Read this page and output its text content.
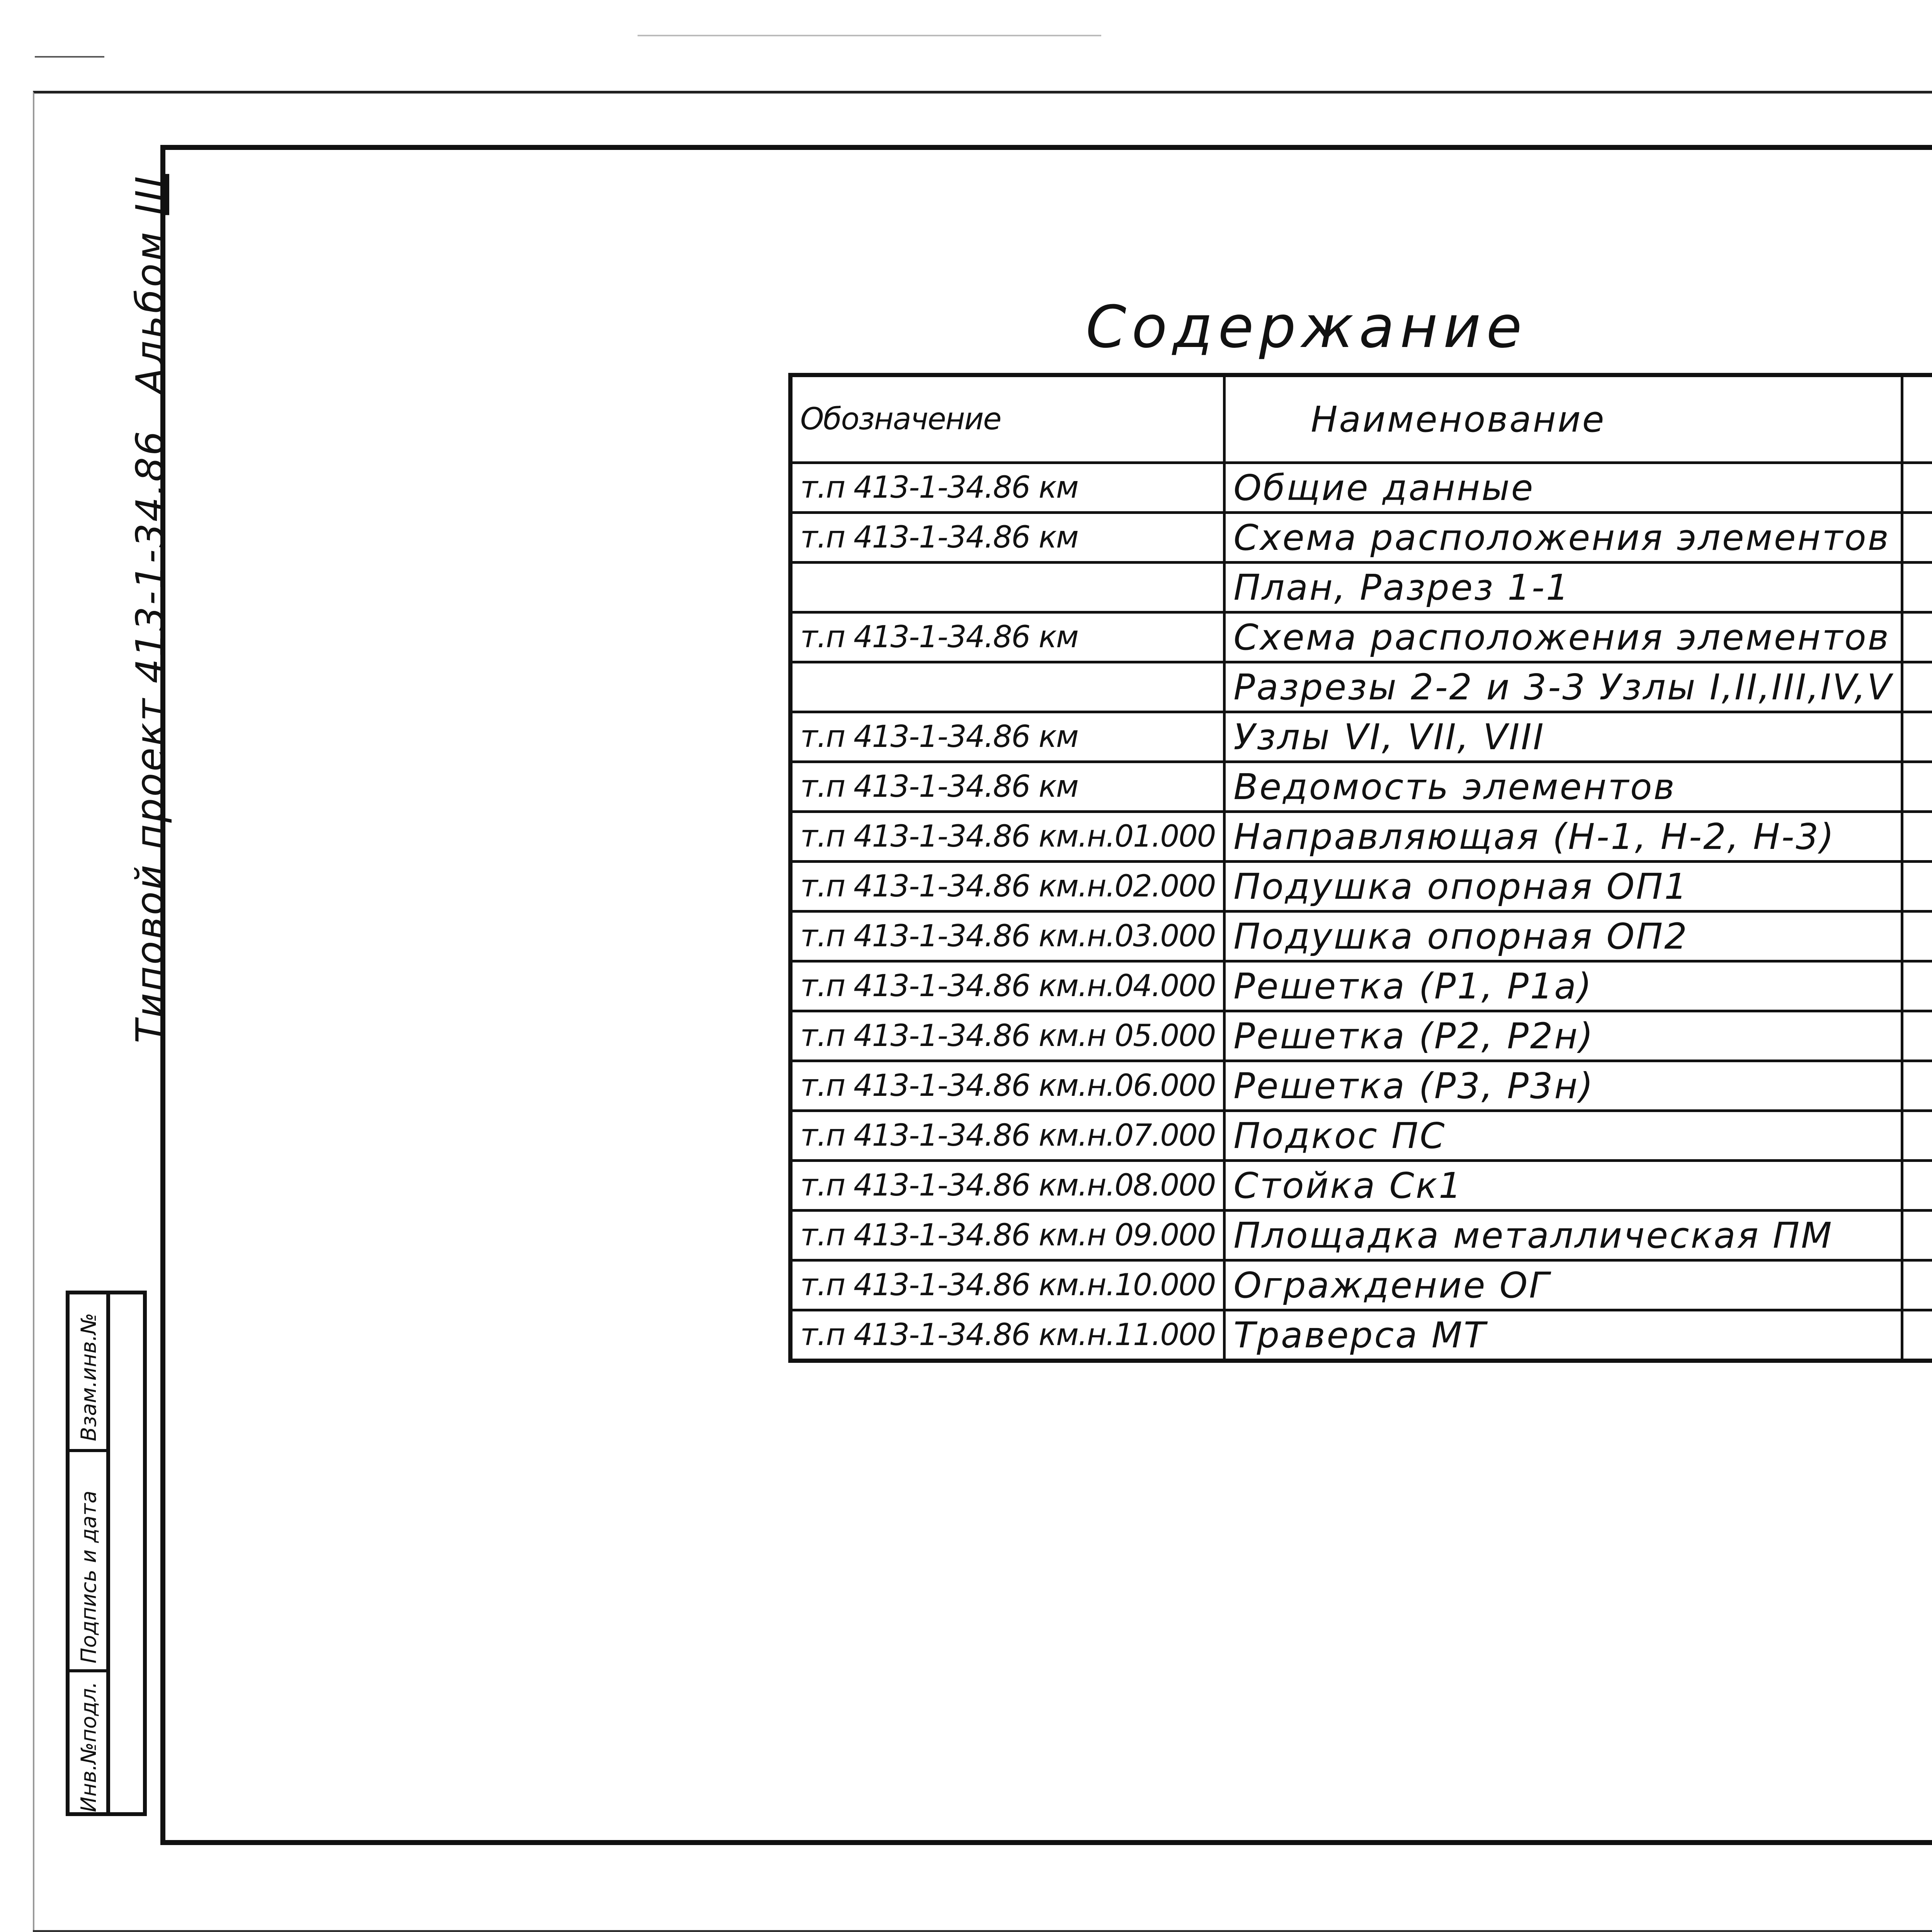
Альбом III
Типовой проект 413-1-34.86
Взам.инв.№
Подпись и дата
Инв.№подл.
Содержание
Обозначение	Наименование	
т.п 413-1-34.86 км	Общие данные	
т.п 413-1-34.86 км	Схема расположения элементов	
	План, Разрез 1-1	
т.п 413-1-34.86 км	Схема расположения элементов	
	Разрезы 2-2 и 3-3 Узлы I,II,III,IV,V	
т.п 413-1-34.86 км	Узлы VI, VII, VIII	
т.п 413-1-34.86 км	Ведомость элементов	
т.п 413-1-34.86 км.н.01.000	Направляющая (Н-1, Н-2, Н-3)	
т.п 413-1-34.86 км.н.02.000	Подушка опорная ОП1	
т.п 413-1-34.86 км.н.03.000	Подушка опорная ОП2	
т.п 413-1-34.86 км.н.04.000	Решетка (Р1, Р1а)	
т.п 413-1-34.86 км.н 05.000	Решетка (Р2, Р2н)	
т.п 413-1-34.86 км.н.06.000	Решетка (Р3, Р3н)	
т.п 413-1-34.86 км.н.07.000	Подкос ПС	
т.п 413-1-34.86 км.н.08.000	Стойка Ск1	
т.п 413-1-34.86 км.н 09.000	Площадка металлическая ПМ	
т.п 413-1-34.86 км.н.10.000	Ограждение ОГ	
т.п 413-1-34.86 км.н.11.000	Траверса МТ	
